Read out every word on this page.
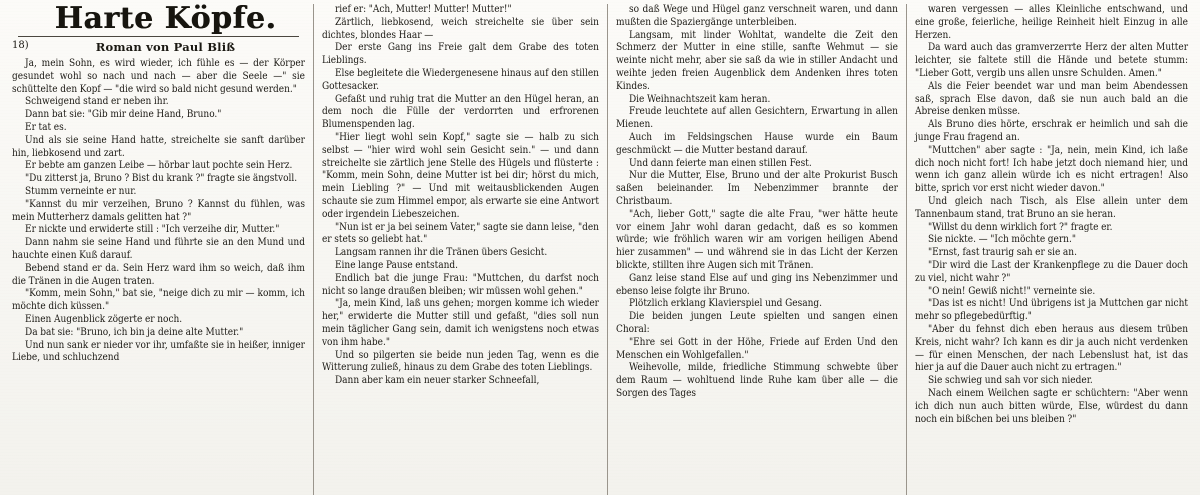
Harte Köpfe.
Roman von Paul Bliß
18)

Ja, mein Sohn, es wird wieder, ich fühle es — der Körper gesundet wohl so nach und nach — aber die Seele —" sie schüttelte den Kopf — "die wird so bald nicht gesund werden."

Schweigend stand er neben ihr.

Dann bat sie: "Gib mir deine Hand, Bruno."

Er tat es.

Und als sie seine Hand hatte, streichelte sie sanft darüber hin, liebkosend und zart.

Er bebte am ganzen Leibe — hörbar laut pochte sein Herz.

"Du zitterst ja, Bruno ? Bist du krank ?" fragte sie ängstvoll.

Stumm verneinte er nur.

"Kannst du mir verzeihen, Bruno ? Kannst du fühlen, was mein Mutterherz damals gelitten hat ?"

Er nickte und erwiderte still : "Ich verzeihe dir, Mutter."

Dann nahm sie seine Hand und führte sie an den Mund und hauchte einen Kuß darauf.

Bebend stand er da. Sein Herz ward ihm so weich, daß ihm die Tränen in die Augen traten.

"Komm, mein Sohn," bat sie, "neige dich zu mir — komm, ich möchte dich küssen."

Einen Augenblick zögerte er noch.

Da bat sie: "Bruno, ich bin ja deine alte Mutter."

Und nun sank er nieder vor ihr, umfaßte sie in heißer, inniger Liebe, und schluchzend

rief er: "Ach, Mutter! Mutter! Mutter!"

Zärtlich, liebkosend, weich streichelte sie über sein dichtes, blondes Haar —

Der erste Gang ins Freie galt dem Grabe des toten Lieblings.

Else begleitete die Wiedergenesene hinaus auf den stillen Gottesacker.

Gefaßt und ruhig trat die Mutter an den Hügel heran, an dem noch die Fülle der verdorrten und erfrorenen Blumenspenden lag.

"Hier liegt wohl sein Kopf," sagte sie — halb zu sich selbst — "hier wird wohl sein Gesicht sein." — und dann streichelte sie zärtlich jene Stelle des Hügels und flüsterte : "Komm, mein Sohn, deine Mutter ist bei dir; hörst du mich, mein Liebling ?" — Und mit weitausblickenden Augen schaute sie zum Himmel empor, als erwarte sie eine Antwort oder irgendein Liebeszeichen.

"Nun ist er ja bei seinem Vater," sagte sie dann leise, "den er stets so geliebt hat."

Langsam rannen ihr die Tränen übers Gesicht.

Eine lange Pause entstand.

Endlich bat die junge Frau: "Muttchen, du darfst noch nicht so lange draußen bleiben; wir müssen wohl gehen."

"Ja, mein Kind, laß uns gehen; morgen komme ich wieder her," erwiderte die Mutter still und gefaßt, "dies soll nun mein täglicher Gang sein, damit ich wenigstens noch etwas von ihm habe."

Und so pilgerten sie beide nun jeden Tag, wenn es die Witterung zuließ, hinaus zu dem Grabe des toten Lieblings.

Dann aber kam ein neuer starker Schneefall,

so daß Wege und Hügel ganz verschneit waren, und dann mußten die Spaziergänge unterbleiben.

Langsam, mit linder Wohltat, wandelte die Zeit den Schmerz der Mutter in eine stille, sanfte Wehmut — sie weinte nicht mehr, aber sie saß da wie in stiller Andacht und weihte jeden freien Augenblick dem Andenken ihres toten Kindes.

Die Weihnachtszeit kam heran.

Freude leuchtete auf allen Gesichtern, Erwartung in allen Mienen.

Auch im Feldsingschen Hause wurde ein Baum geschmückt — die Mutter bestand darauf.

Und dann feierte man einen stillen Fest.

Nur die Mutter, Else, Bruno und der alte Prokurist Busch saßen beieinander. Im Nebenzimmer brannte der Christbaum.

"Ach, lieber Gott," sagte die alte Frau, "wer hätte heute vor einem Jahr wohl daran gedacht, daß es so kommen würde; wie fröhlich waren wir am vorigen heiligen Abend hier zusammen" — und während sie in das Licht der Kerzen blickte, stillten ihre Augen sich mit Tränen.

Ganz leise stand Else auf und ging ins Nebenzimmer und ebenso leise folgte ihr Bruno.

Plötzlich erklang Klavierspiel und Gesang.

Die beiden jungen Leute spielten und sangen einen Choral:

"Ehre sei Gott in der Höhe, Friede auf Erden Und den Menschen ein Wohlgefallen."

Weihevolle, milde, friedliche Stimmung schwebte über dem Raum — wohltuend linde Ruhe kam über alle — die Sorgen des Tages

waren vergessen — alles Kleinliche entschwand, und eine große, feierliche, heilige Reinheit hielt Einzug in alle Herzen.

Da ward auch das gramverzerrte Herz der alten Mutter leichter, sie faltete still die Hände und betete stumm: "Lieber Gott, vergib uns allen unsre Schulden. Amen."

Als die Feier beendet war und man beim Abendessen saß, sprach Else davon, daß sie nun auch bald an die Abreise denken müsse.

Als Bruno dies hörte, erschrak er heimlich und sah die junge Frau fragend an.

"Muttchen" aber sagte : "Ja, nein, mein Kind, ich laße dich noch nicht fort! Ich habe jetzt doch niemand hier, und wenn ich ganz allein würde ich es nicht ertragen! Also bitte, sprich vor erst nicht wieder davon."

Und gleich nach Tisch, als Else allein unter dem Tannenbaum stand, trat Bruno an sie heran.

"Willst du denn wirklich fort ?" fragte er.

Sie nickte. — "Ich möchte gern."

"Ernst, fast traurig sah er sie an.

"Dir wird die Last der Krankenpflege zu die Dauer doch zu viel, nicht wahr ?"

"O nein! Gewiß nicht!" verneinte sie.

"Das ist es nicht! Und übrigens ist ja Muttchen gar nicht mehr so pflegebedürftig."

"Aber du fehnst dich eben heraus aus diesem trüben Kreis, nicht wahr? Ich kann es dir ja auch nicht verdenken — für einen Menschen, der nach Lebenslust hat, ist das hier ja auf die Dauer auch nicht zu ertragen."

Sie schwieg und sah vor sich nieder.

Nach einem Weilchen sagte er schüchtern: "Aber wenn ich dich nun auch bitten würde, Else, würdest du dann noch ein bißchen bei uns bleiben ?"
